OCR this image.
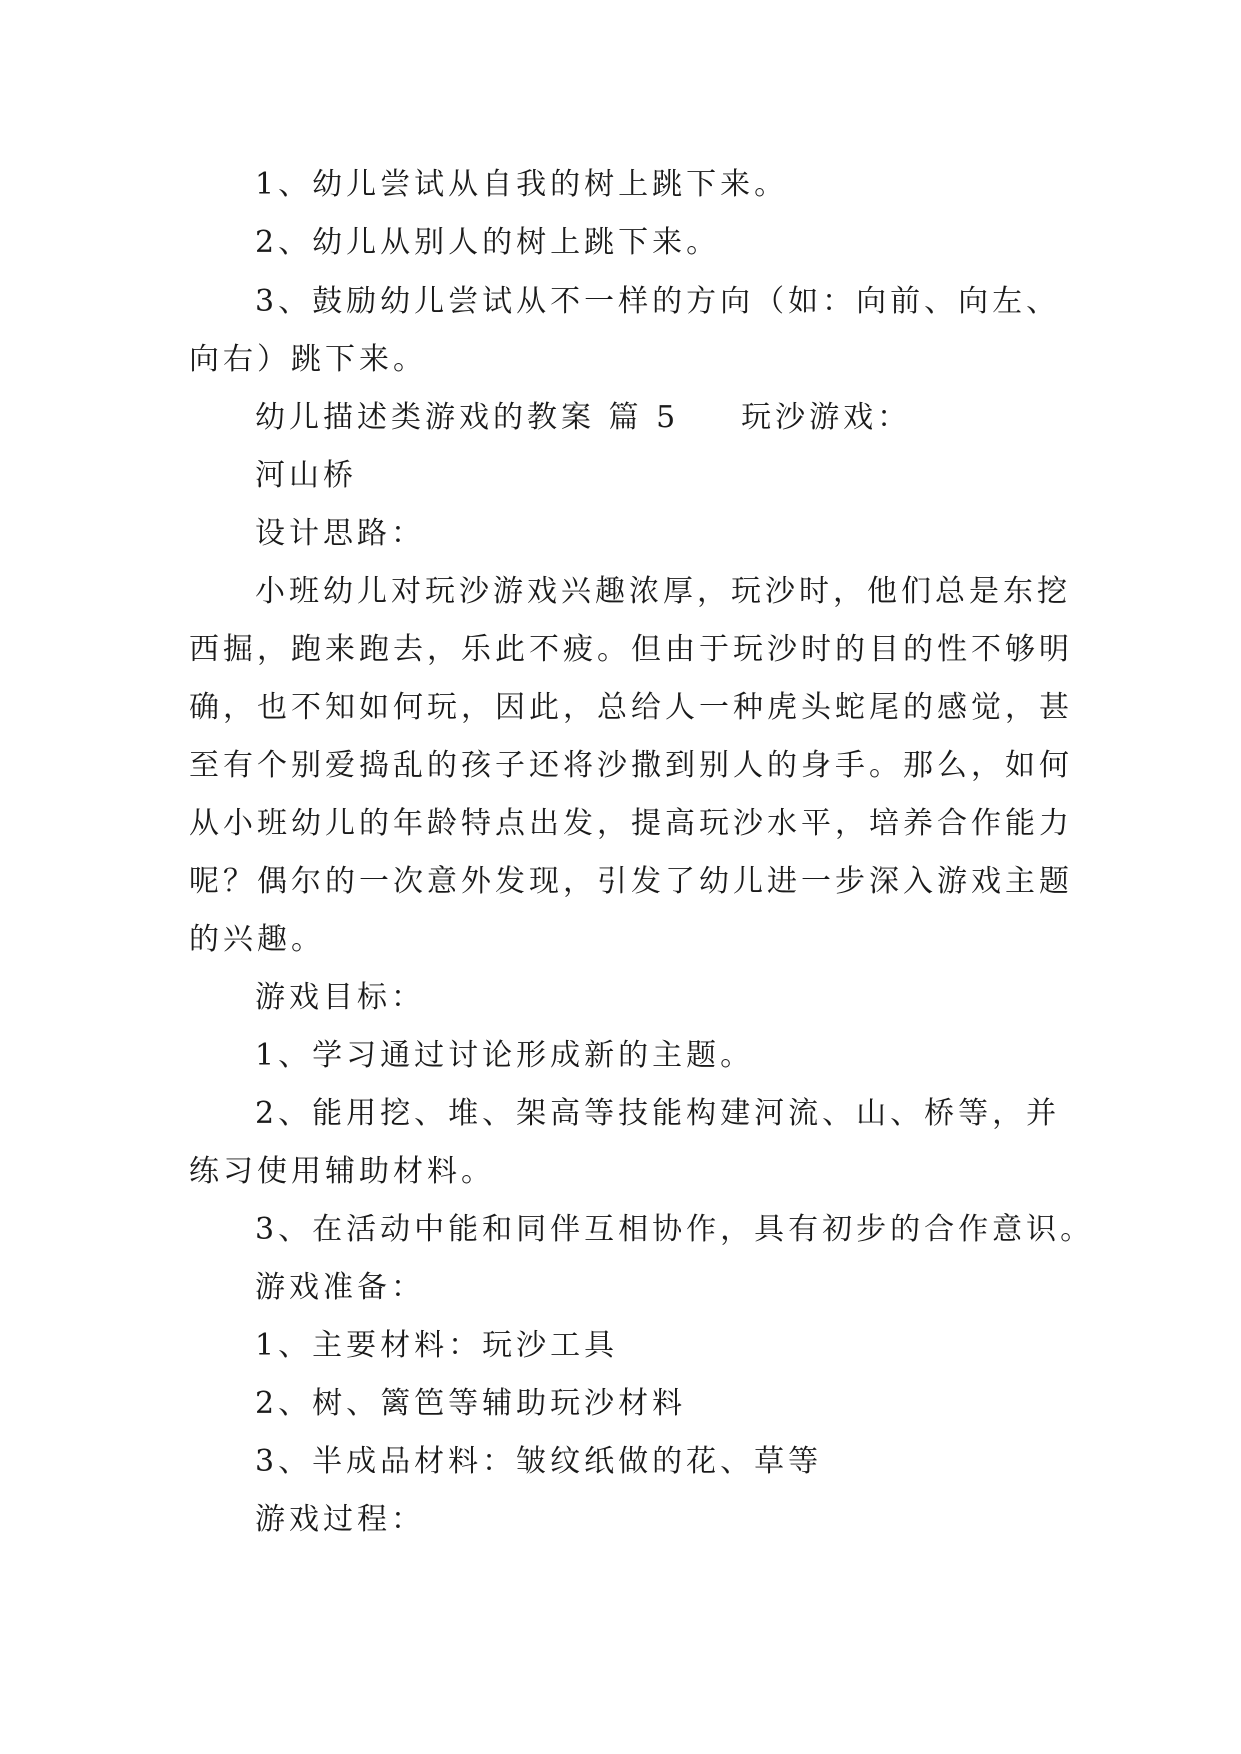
1、幼儿尝试从自我的树上跳下来。

2、幼儿从别人的树上跳下来。

3、鼓励幼儿尝试从不一样的方向（如：向前、向左、

向右）跳下来。

幼儿描述类游戏的教案 篇 5 玩沙游戏：

河山桥

设计思路：

小班幼儿对玩沙游戏兴趣浓厚，玩沙时，他们总是东挖

西掘，跑来跑去，乐此不疲。但由于玩沙时的目的性不够明

确，也不知如何玩，因此，总给人一种虎头蛇尾的感觉，甚

至有个别爱捣乱的孩子还将沙撒到别人的身手。那么，如何

从小班幼儿的年龄特点出发，提高玩沙水平，培养合作能力

呢？偶尔的一次意外发现，引发了幼儿进一步深入游戏主题

的兴趣。

游戏目标：

1、学习通过讨论形成新的主题。

2、能用挖、堆、架高等技能构建河流、山、桥等，并

练习使用辅助材料。

3、在活动中能和同伴互相协作，具有初步的合作意识。

游戏准备：

1、主要材料：玩沙工具

2、树、篱笆等辅助玩沙材料

3、半成品材料：皱纹纸做的花、草等

游戏过程：
